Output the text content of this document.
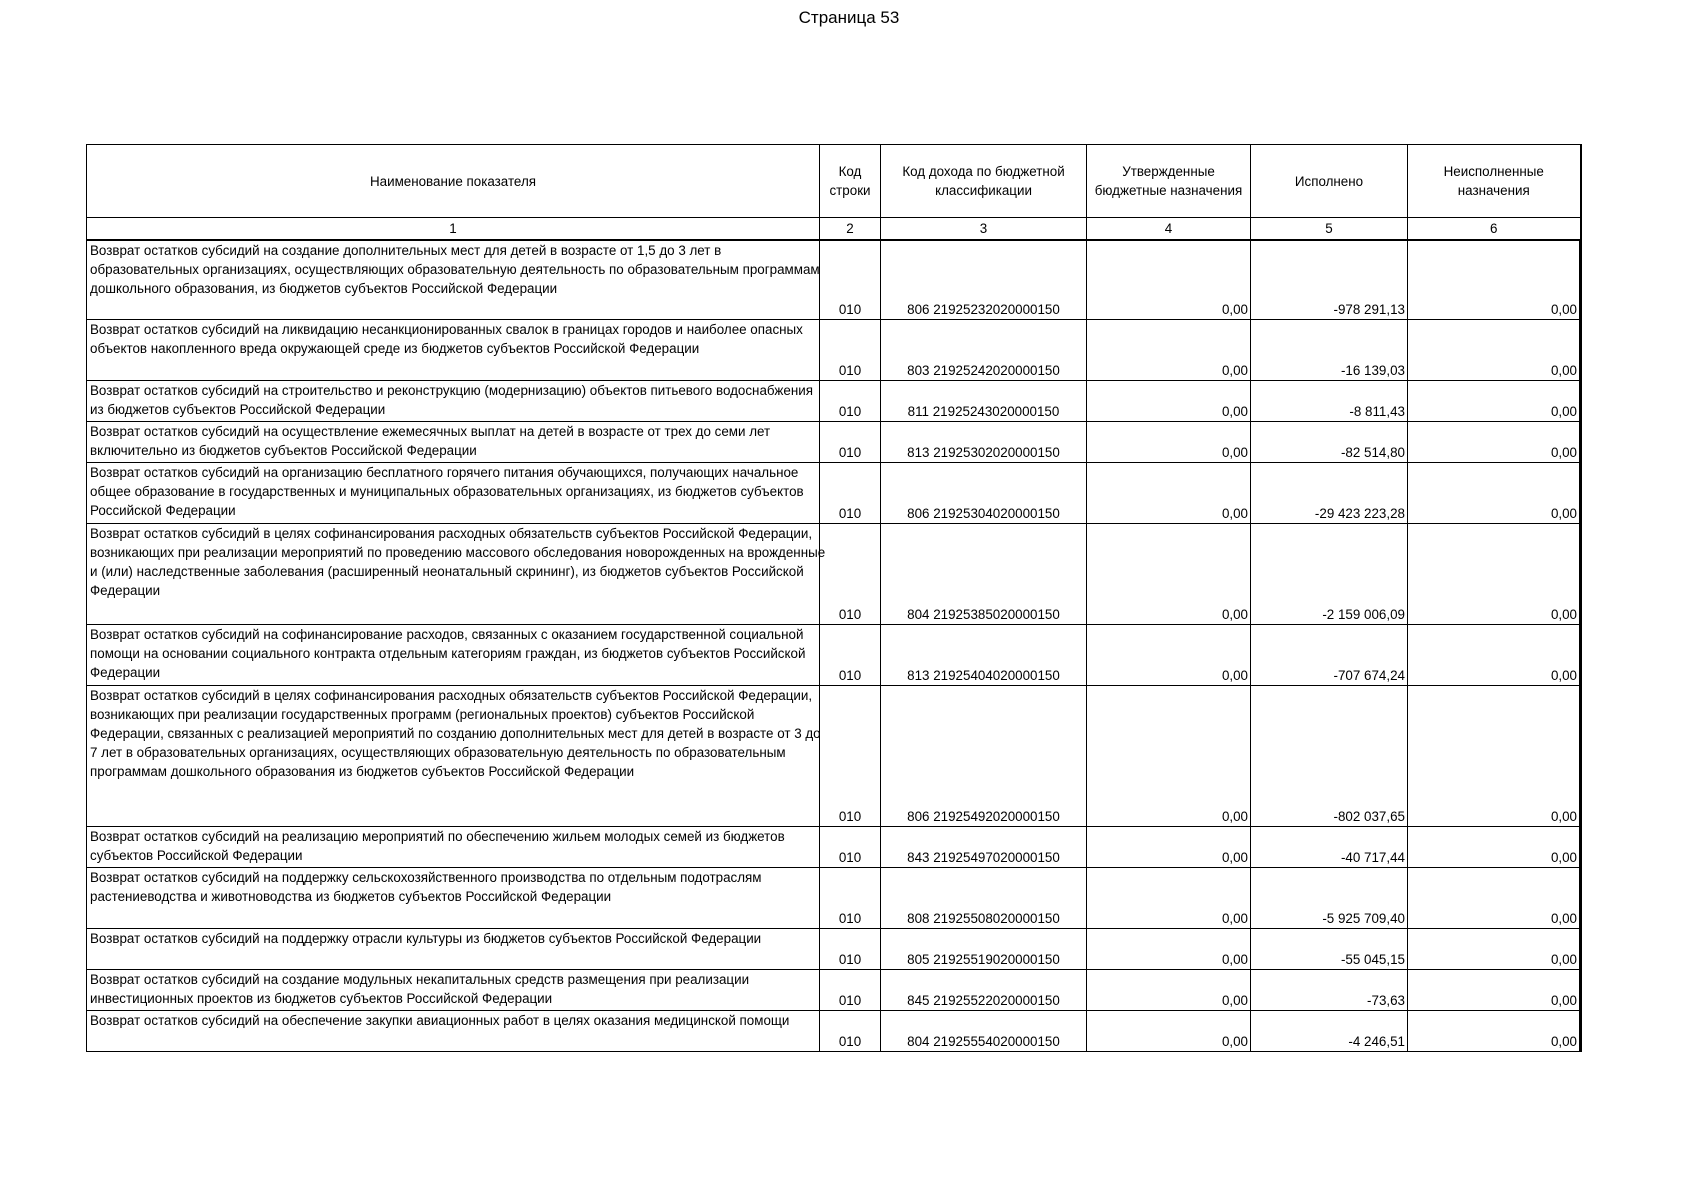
Страница 53
Наименование показателя	Код строки	Код дохода по бюджетной классификации	Утвержденные бюджетные назначения	Исполнено	Неисполненные назначения
1	2	3	4	5	6

Возврат остатков субсидий на создание дополнительных мест для детей в возрасте от 1,5 до 3 лет в образовательных организациях, осуществляющих образовательную деятельность по образовательным программам дошкольного образования, из бюджетов субъектов Российской Федерации	010	806 21925232020000150	0,00	-978 291,13	0,00

Возврат остатков субсидий на ликвидацию несанкционированных свалок в границах городов и наиболее опасных объектов накопленного вреда окружающей среде из бюджетов субъектов Российской Федерации	010	803 21925242020000150	0,00	-16 139,03	0,00

Возврат остатков субсидий на строительство и реконструкцию (модернизацию) объектов питьевого водоснабжения из бюджетов субъектов Российской Федерации	010	811 21925243020000150	0,00	-8 811,43	0,00

Возврат остатков субсидий на осуществление ежемесячных выплат на детей в возрасте от трех до семи лет включительно из бюджетов субъектов Российской Федерации	010	813 21925302020000150	0,00	-82 514,80	0,00

Возврат остатков субсидий на организацию бесплатного горячего питания обучающихся, получающих начальное общее образование в государственных и муниципальных образовательных организациях, из бюджетов субъектов Российской Федерации	010	806 21925304020000150	0,00	-29 423 223,28	0,00

Возврат остатков субсидий в целях софинансирования расходных обязательств субъектов Российской Федерации, возникающих при реализации мероприятий по проведению массового обследования новорожденных на врожденные и (или) наследственные заболевания (расширенный неонатальный скрининг), из бюджетов субъектов Российской Федерации	010	804 21925385020000150	0,00	-2 159 006,09	0,00

Возврат остатков субсидий на софинансирование расходов, связанных с оказанием государственной социальной помощи на основании социального контракта отдельным категориям граждан, из бюджетов субъектов Российской Федерации	010	813 21925404020000150	0,00	-707 674,24	0,00

Возврат остатков субсидий в целях софинансирования расходных обязательств субъектов Российской Федерации, возникающих при реализации государственных программ (региональных проектов) субъектов Российской Федерации, связанных с реализацией мероприятий по созданию дополнительных мест для детей в возрасте от 3 до 7 лет в образовательных организациях, осуществляющих образовательную деятельность по образовательным программам дошкольного образования из бюджетов субъектов Российской Федерации	010	806 21925492020000150	0,00	-802 037,65	0,00

Возврат остатков субсидий на реализацию мероприятий по обеспечению жильем молодых семей из бюджетов субъектов Российской Федерации	010	843 21925497020000150	0,00	-40 717,44	0,00

Возврат остатков субсидий на поддержку сельскохозяйственного производства по отдельным подотраслям растениеводства и животноводства из бюджетов субъектов Российской Федерации	010	808 21925508020000150	0,00	-5 925 709,40	0,00

Возврат остатков субсидий на поддержку отрасли культуры из бюджетов субъектов Российской Федерации	010	805 21925519020000150	0,00	-55 045,15	0,00

Возврат остатков субсидий на создание модульных некапитальных средств размещения при реализации инвестиционных проектов из бюджетов субъектов Российской Федерации	010	845 21925522020000150	0,00	-73,63	0,00

Возврат остатков субсидий на обеспечение закупки авиационных работ в целях оказания медицинской помощи	010	804 21925554020000150	0,00	-4 246,51	0,00
